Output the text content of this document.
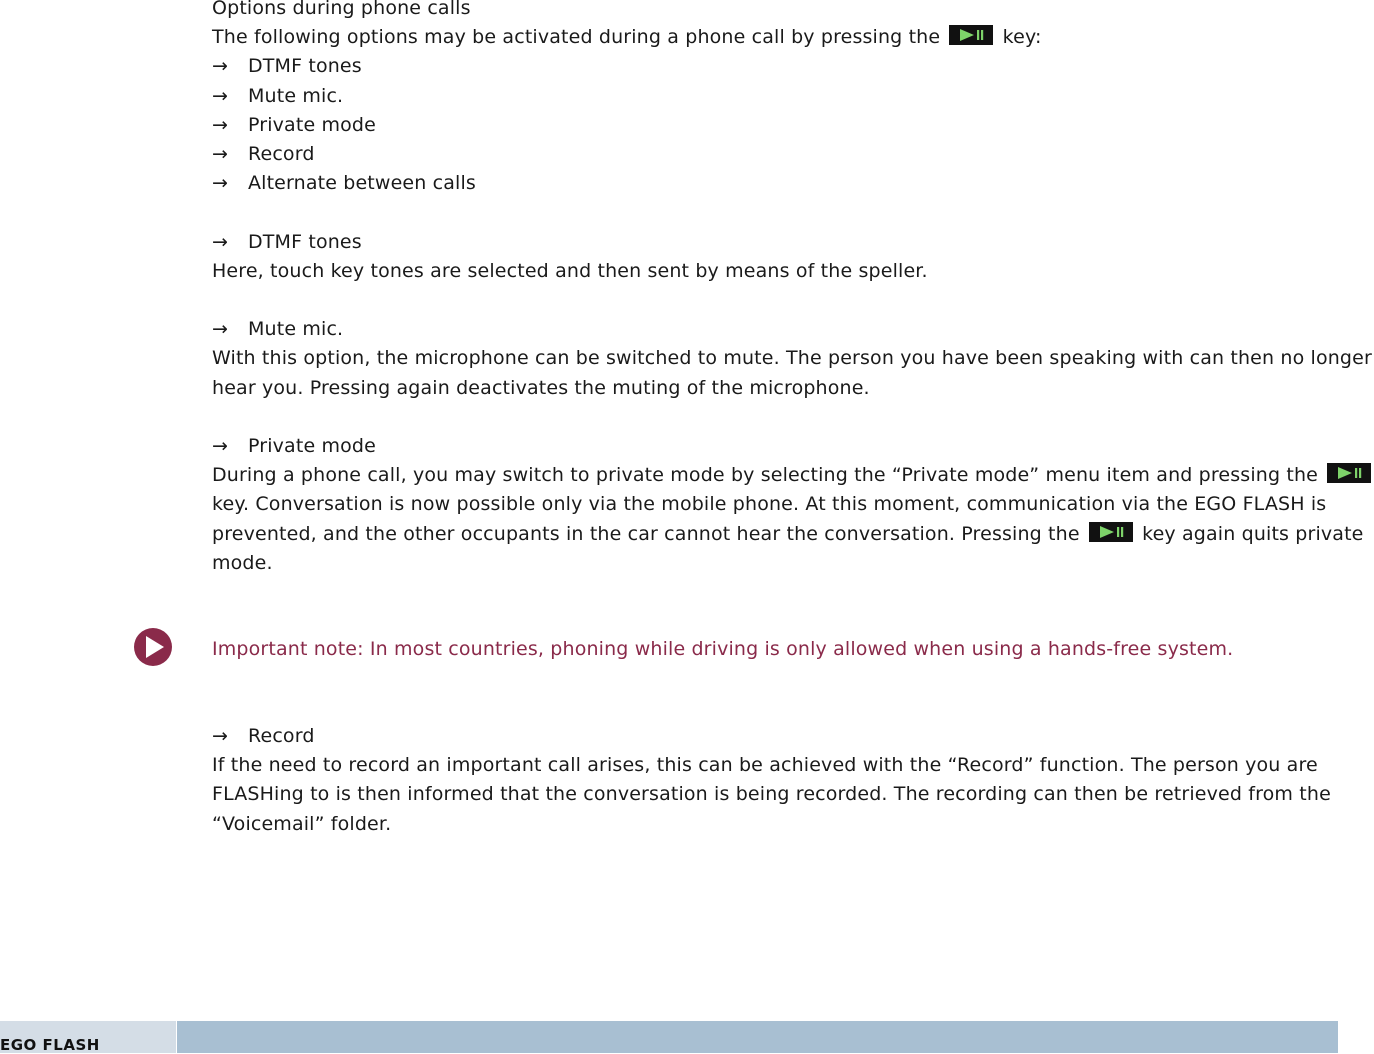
Options during phone calls
The following options may be activated during a phone call by pressing the	key:
→ DTMF tones
→ Mute mic.
→ Private mode
→ Record
→ Alternate between calls
→ DTMF tones
Here, touch key tones are selected and then sent by means of the speller.
→ Mute mic.
With this option, the microphone can be switched to mute. The person you have been speaking with can then no longer
hear you. Pressing again deactivates the muting of the microphone.
→ Private mode
During a phone call, you may switch to private mode by selecting the “Private mode” menu item and pressing the
key. Conversation is now possible only via the mobile phone. At this moment, communication via the EGO FLASH is
prevented, and the other occupants in the car cannot hear the conversation. Pressing the	key again quits private
mode.
Important note: In most countries, phoning while driving is only allowed when using a hands-free system.
→ Record
If the need to record an important call arises, this can be achieved with the “Record” function. The person you are
FLASHing to is then informed that the conversation is being recorded. The recording can then be retrieved from the
“Voicemail” folder.
EGO FLASH
